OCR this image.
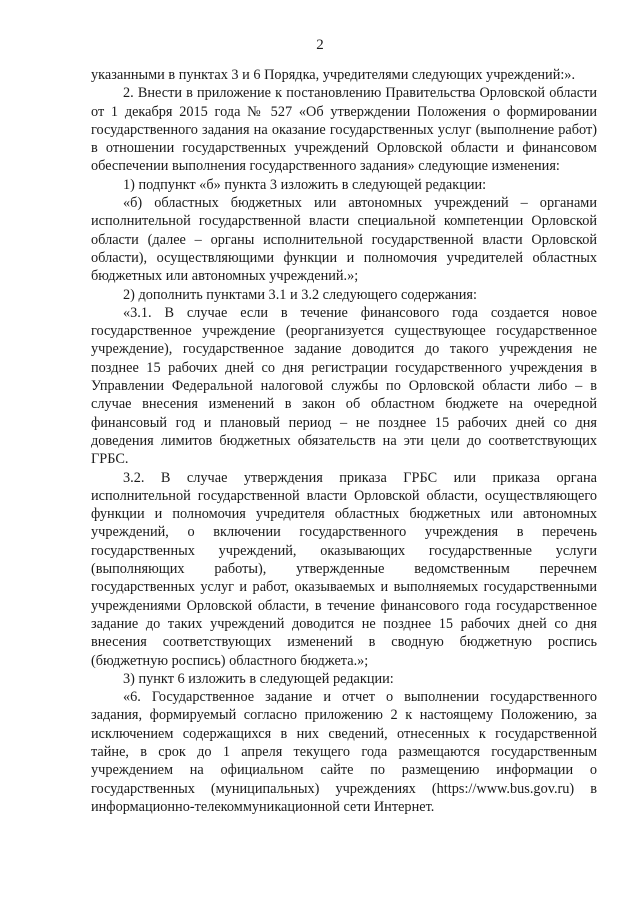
2

указанными в пунктах 3 и 6 Порядка, учредителями следующих учреждений:».

2. Внести в приложение к постановлению Правительства Орловской области от 1 декабря 2015 года № 527 «Об утверждении Положения о формировании государственного задания на оказание государственных услуг (выполнение работ) в отношении государственных учреждений Орловской области и финансовом обеспечении выполнения государственного задания» следующие изменения:

1) подпункт «б» пункта 3 изложить в следующей редакции:

«б) областных бюджетных или автономных учреждений – органами исполнительной государственной власти специальной компетенции Орловской области (далее – органы исполнительной государственной власти Орловской области), осуществляющими функции и полномочия учредителей областных бюджетных или автономных учреждений.»;

2) дополнить пунктами 3.1 и 3.2 следующего содержания:

«3.1. В случае если в течение финансового года создается новое государственное учреждение (реорганизуется существующее государственное учреждение), государственное задание доводится до такого учреждения не позднее 15 рабочих дней со дня регистрации государственного учреждения в Управлении Федеральной налоговой службы по Орловской области либо – в случае внесения изменений в закон об областном бюджете на очередной финансовый год и плановый период – не позднее 15 рабочих дней со дня доведения лимитов бюджетных обязательств на эти цели до соответствующих ГРБС.

3.2. В случае утверждения приказа ГРБС или приказа органа исполнительной государственной власти Орловской области, осуществляющего функции и полномочия учредителя областных бюджетных или автономных учреждений, о включении государственного учреждения в перечень государственных учреждений, оказывающих государственные услуги (выполняющих работы), утвержденные ведомственным перечнем государственных услуг и работ, оказываемых и выполняемых государственными учреждениями Орловской области, в течение финансового года государственное задание до таких учреждений доводится не позднее 15 рабочих дней со дня внесения соответствующих изменений в сводную бюджетную роспись (бюджетную роспись) областного бюджета.»;

3) пункт 6 изложить в следующей редакции:

«6. Государственное задание и отчет о выполнении государственного задания, формируемый согласно приложению 2 к настоящему Положению, за исключением содержащихся в них сведений, отнесенных к государственной тайне, в срок до 1 апреля текущего года размещаются государственным учреждением на официальном сайте по размещению информации о государственных (муниципальных) учреждениях (https://www.bus.gov.ru) в информационно-телекоммуникационной сети Интернет.
